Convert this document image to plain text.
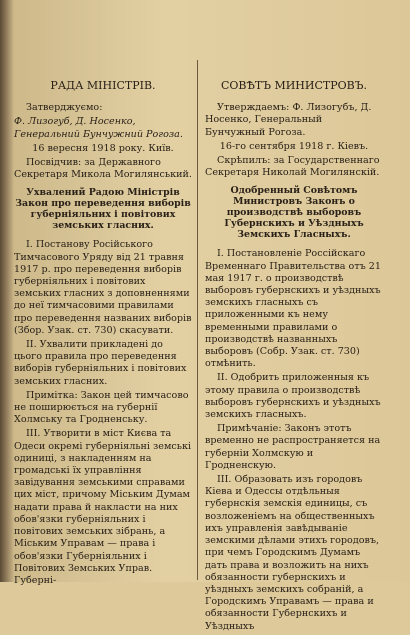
РАДА МІНІСТРІВ.

Затверджуємо:

Ф. Лизогуб, Д. Носенко, Генеральний Бунчужний Рогоза.

16 вересня 1918 року. Київ.

Посвідчив: за Державного Секретаря Микола Могилянський.

Ухвалений Радою Міністрів Закон про переведення виборів губерніяльних і повітових земських гласних.

І. Постанову Російського Тимчасового Уряду від 21 травня 1917 р. про переведення виборів губерніяльних і повітових земських гласних з доповненнями до неї тимчасовими правилами про переведення названих виборів (Збор. Узак. ст. 730) скасувати.

II. Ухвалити прикладені до цього правила про переведення виборів губерніяльних і повітових земських гласних.

Примітка: Закон цей тимчасово не поширюється на губернії Холмську та Гродненську.

III. Утворити в міст Києва та Одеси окремі губерніяльні земські одиниці, з накладенням на громадські їх управління завідування земськими справами цих міст, причому Міським Думам надати права й накласти на них обов'язки губерніяльних і повітових земських зібрань, а Міським Управам — права і обов'язки Губерніяльних і Повітових Земських Управ. Губерні-

СОВѢТЪ МИНИСТРОВЪ.

Утверждаемъ: Ф. Лизогубъ, Д. Носенко, Генеральный Бунчужный Рогоза.

16-го сентября 1918 г. Кіевъ.

Скрѣпилъ: за Государственнаго Секретаря Николай Могилянскій.

Одобренный Совѣтомъ Министровъ Законъ о производствѣ выборовъ Губернскихъ и Уѣздныхъ Земскихъ Гласныхъ.

I. Постановленіе Россійскаго Временнаго Правительства отъ 21 мая 1917 г. о производствѣ выборовъ губернскихъ и уѣздныхъ земскихъ гласныхъ съ приложенными къ нему временными правилами о производствѣ названныхъ выборовъ (Собр. Узак. ст. 730) отмѣнить.

II. Одобрить приложенныя къ этому правила о производствѣ выборовъ губернскихъ и уѣздныхъ земскихъ гласныхъ.

Примѣчаніе: Законъ этотъ временно не распространяется на губерніи Холмскую и Гродненскую.

III. Образовать изъ городовъ Кіева и Одессы отдѣльныя губернскія земскія единицы, съ возложеніемъ на общественныхъ ихъ управленія завѣдываніе земскими дѣлами этихъ городовъ, при чемъ Городскимъ Думамъ дать права и возложить на нихъ обязанности губернскихъ и уѣздныхъ земскихъ собраній, а Городскимъ Управамъ — права и обязанности Губернскихъ и Уѣздныхъ
